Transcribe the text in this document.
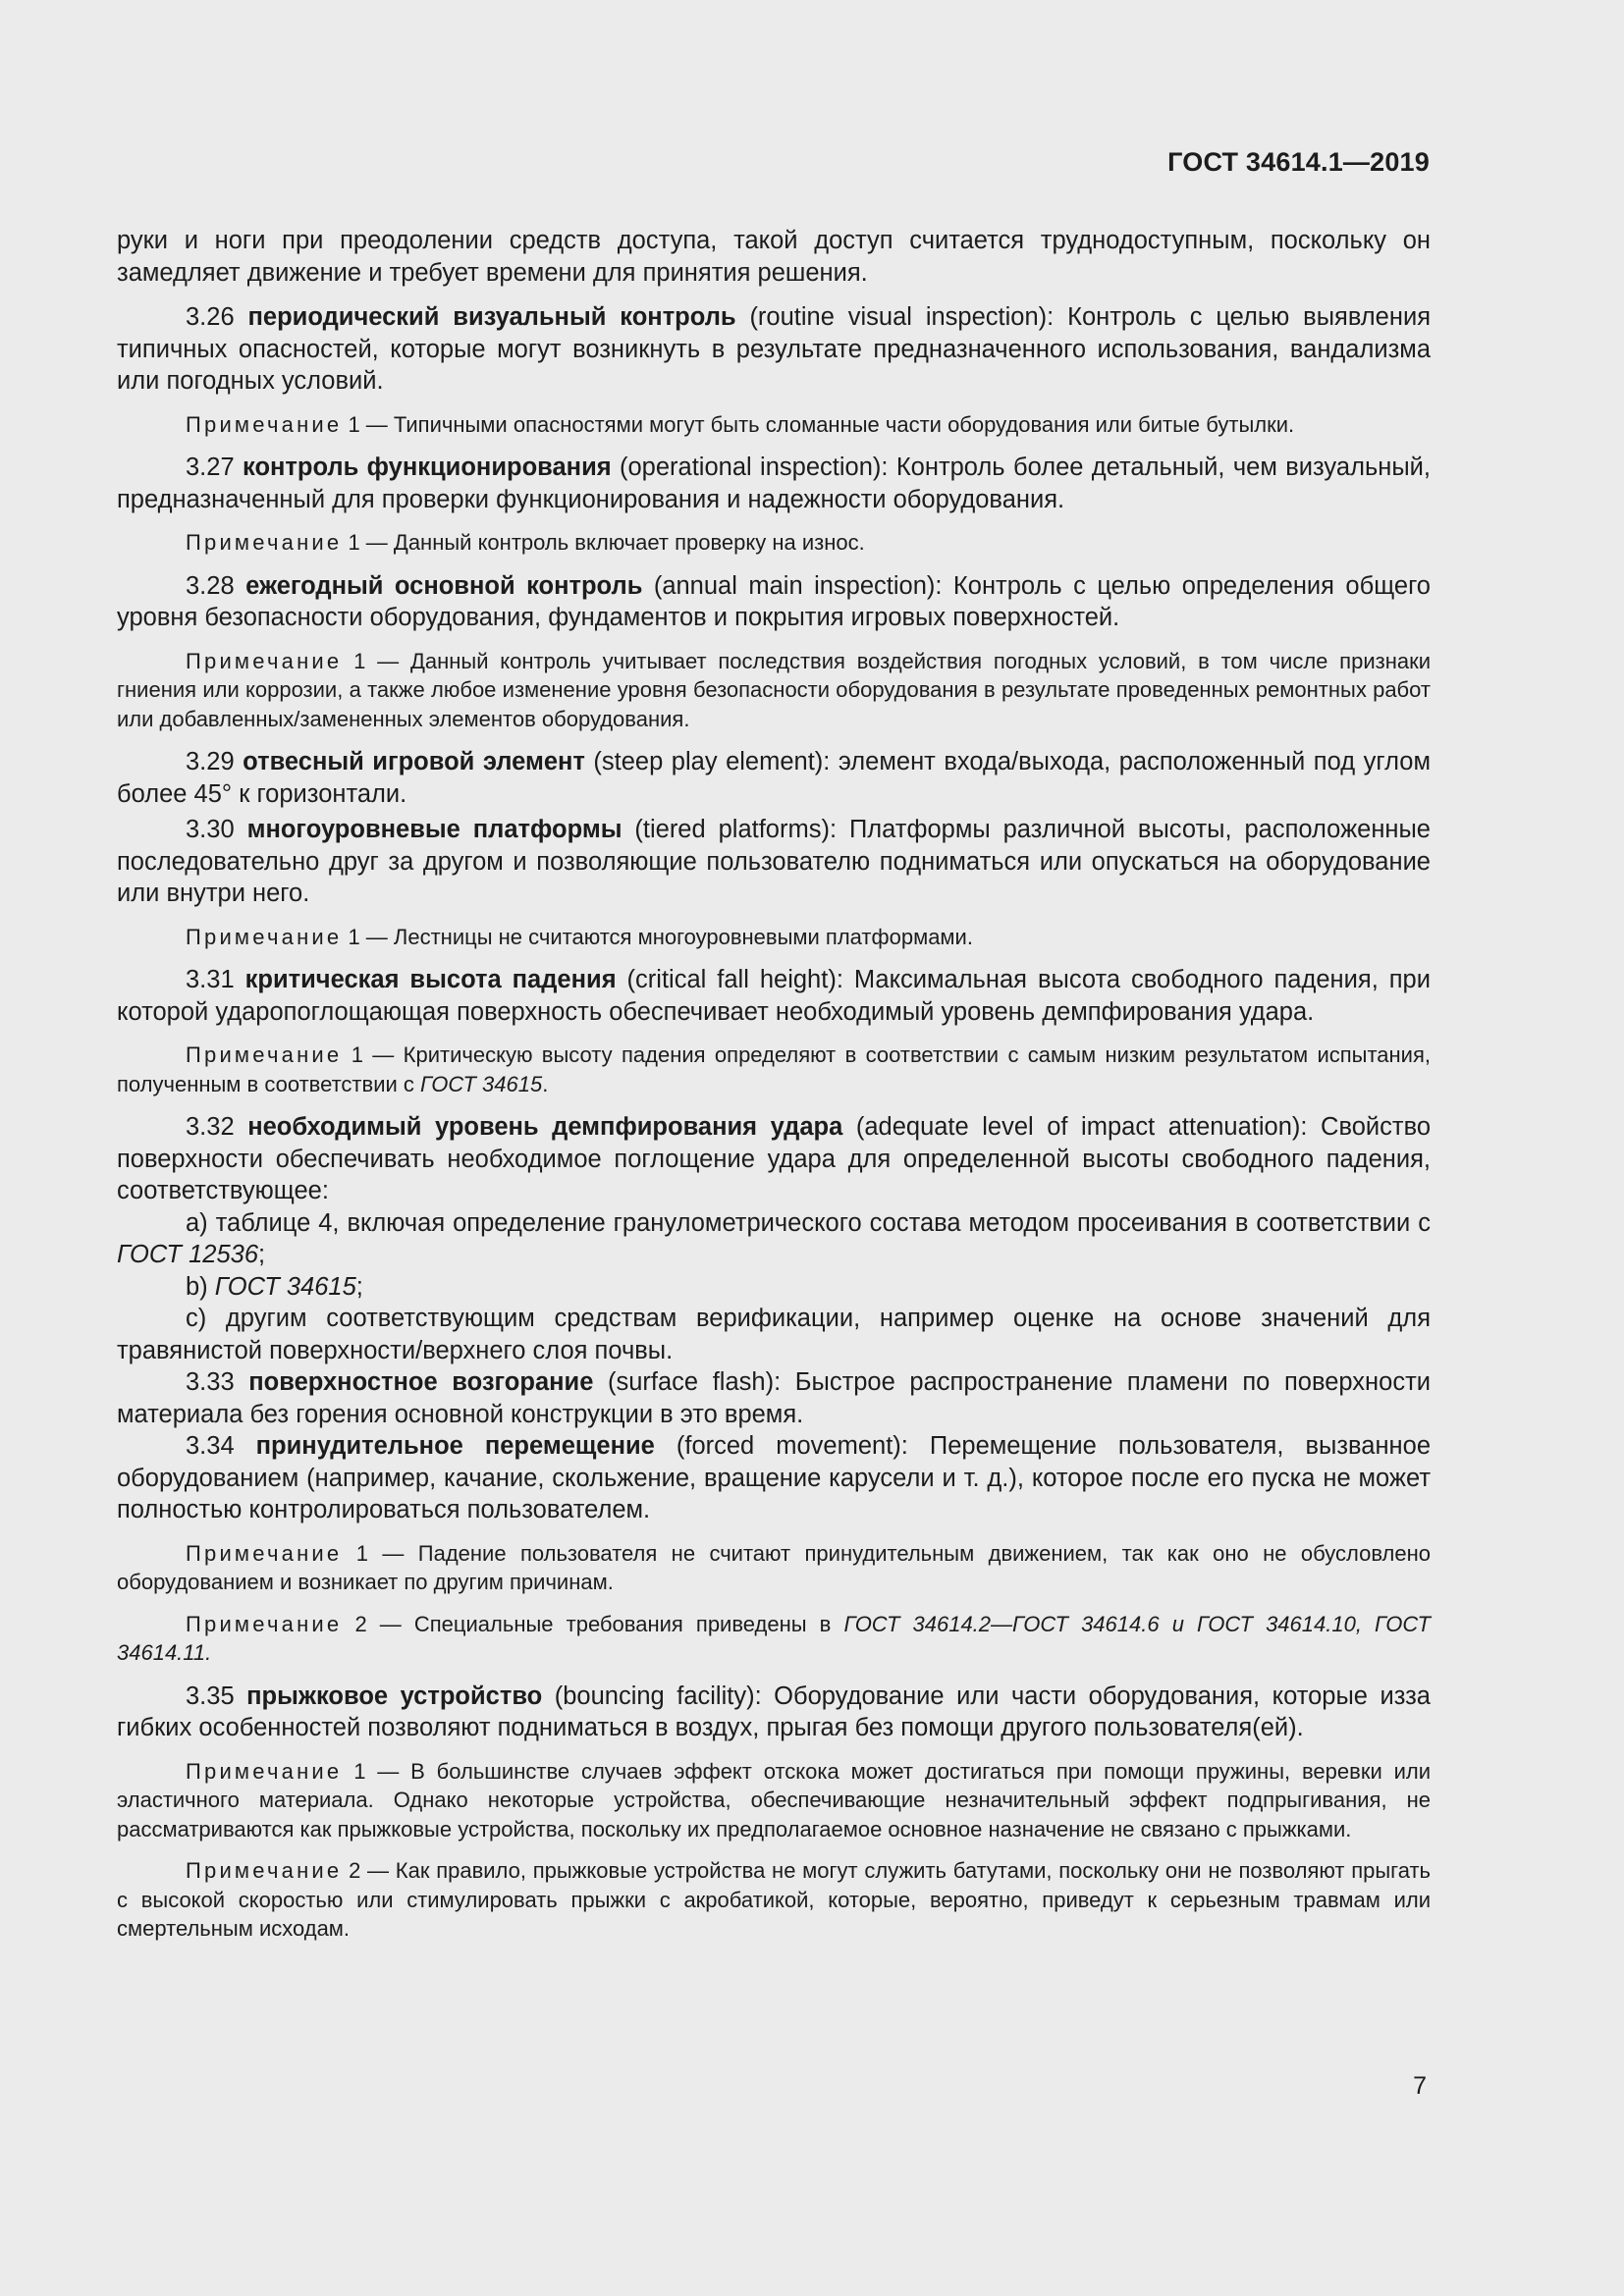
ГОСТ 34614.1—2019

руки и ноги при преодолении средств доступа, такой доступ считается труднодоступным, поскольку он замедляет движение и требует времени для принятия решения.

3.26 периодический визуальный контроль (routine visual inspection): Контроль с целью выявления типичных опасностей, которые могут возникнуть в результате предназначенного использования, вандализма или погодных условий.

Примечание 1 — Типичными опасностями могут быть сломанные части оборудования или битые бутылки.

3.27 контроль функционирования (operational inspection): Контроль более детальный, чем визуальный, предназначенный для проверки функционирования и надежности оборудования.

Примечание 1 — Данный контроль включает проверку на износ.

3.28 ежегодный основной контроль (annual main inspection): Контроль с целью определения общего уровня безопасности оборудования, фундаментов и покрытия игровых поверхностей.

Примечание 1 — Данный контроль учитывает последствия воздействия погодных условий, в том числе признаки гниения или коррозии, а также любое изменение уровня безопасности оборудования в результате проведенных ремонтных работ или добавленных/замененных элементов оборудования.

3.29 отвесный игровой элемент (steep play element): элемент входа/выхода, расположенный под углом более 45° к горизонтали.

3.30 многоуровневые платформы (tiered platforms): Платформы различной высоты, расположенные последовательно друг за другом и позволяющие пользователю подниматься или опускаться на оборудование или внутри него.

Примечание 1 — Лестницы не считаются многоуровневыми платформами.

3.31 критическая высота падения (critical fall height): Максимальная высота свободного падения, при которой ударопоглощающая поверхность обеспечивает необходимый уровень демпфирования удара.

Примечание 1 — Критическую высоту падения определяют в соответствии с самым низким результатом испытания, полученным в соответствии с ГОСТ 34615.

3.32 необходимый уровень демпфирования удара (adequate level of impact attenuation): Свойство поверхности обеспечивать необходимое поглощение удара для определенной высоты свободного падения, соответствующее:

а) таблице 4, включая определение гранулометрического состава методом просеивания в соответствии с ГОСТ 12536;

b) ГОСТ 34615;

с) другим соответствующим средствам верификации, например оценке на основе значений для травянистой поверхности/верхнего слоя почвы.

3.33 поверхностное возгорание (surface flash): Быстрое распространение пламени по поверхности материала без горения основной конструкции в это время.

3.34 принудительное перемещение (forced movement): Перемещение пользователя, вызванное оборудованием (например, качание, скольжение, вращение карусели и т. д.), которое после его пуска не может полностью контролироваться пользователем.

Примечание 1 — Падение пользователя не считают принудительным движением, так как оно не обусловлено оборудованием и возникает по другим причинам.

Примечание 2 — Специальные требования приведены в ГОСТ 34614.2—ГОСТ 34614.6 и ГОСТ 34614.10, ГОСТ 34614.11.

3.35 прыжковое устройство (bouncing facility): Оборудование или части оборудования, которые изза гибких особенностей позволяют подниматься в воздух, прыгая без помощи другого пользователя(ей).

Примечание 1 — В большинстве случаев эффект отскока может достигаться при помощи пружины, веревки или эластичного материала. Однако некоторые устройства, обеспечивающие незначительный эффект подпрыгивания, не рассматриваются как прыжковые устройства, поскольку их предполагаемое основное назначение не связано с прыжками.

Примечание 2 — Как правило, прыжковые устройства не могут служить батутами, поскольку они не позволяют прыгать с высокой скоростью или стимулировать прыжки с акробатикой, которые, вероятно, приведут к серьезным травмам или смертельным исходам.

7
